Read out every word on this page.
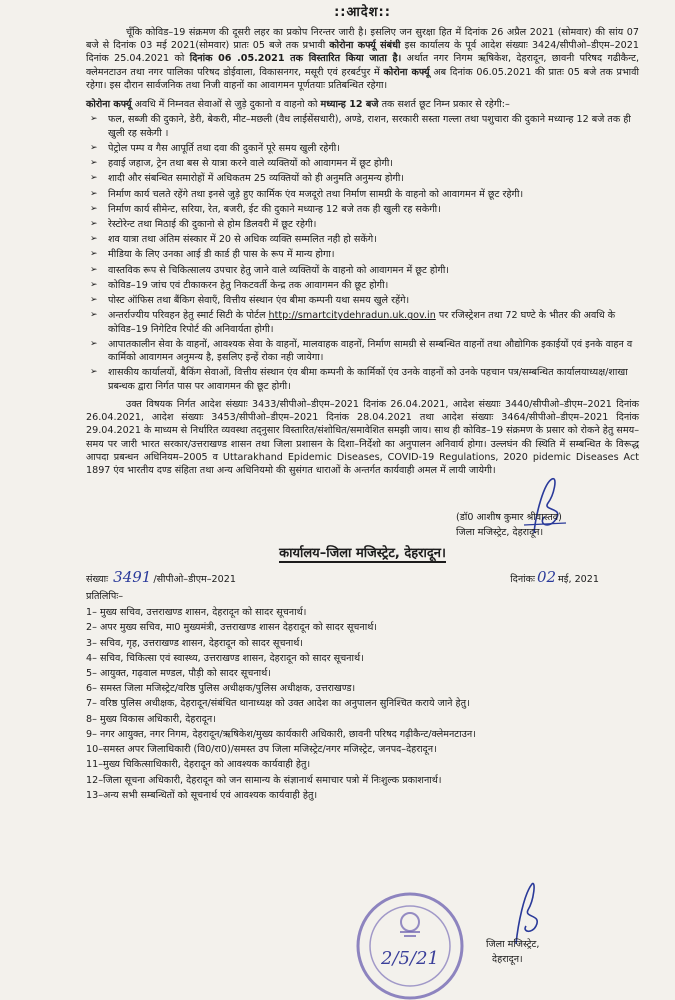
::आदेश::

चूँकि कोविड–19 संक्रमण की दूसरी लहर का प्रकोप निरन्तर जारी है। इसलिए जन सुरक्षा हित में दिनांक 26 अप्रैल 2021 (सोमवार) की सांय 07 बजे से दिनांक 03 मई 2021(सोमवार) प्रातः 05 बजे तक प्रभावी कोरोना कर्फ्यू संबंधी इस कार्यालय के पूर्व आदेश संख्याः 3424/सीपीओ–डीएम–2021 दिनांक 25.04.2021 को दिनांक 06 .05.2021 तक विस्तारित किया जाता है। अर्थात नगर निगम ऋषिकेश, देहरादून, छावनी परिषद गढीकैन्ट, क्लेमनटाउन तथा नगर पालिका परिषद डोईवाला, विकासनगर, मसूरी एवं हरबर्टपुर में कोरोना कर्फ्यू अब दिनांक 06.05.2021 की प्रातः 05 बजे तक प्रभावी रहेगा। इस दौरान सार्वजनिक तथा निजी वाहनों का आवागमन पूर्णतयाः प्रतिबन्धित रहेगा।

कोरोना कर्फ्यू अवधि में निम्नवत सेवाओं से जुड़े दुकानो व वाहनो को मध्यान्ह 12 बजे तक सशर्त छूट निम्न प्रकार से रहेगी:–

➢ फल, सब्जी की दुकाने, डेरी, बेकरी, मीट–मछली (वैध लाईसेंसधारी), अण्डे, राशन, सरकारी सस्ता गल्ला तथा पशुचारा की दुकाने मध्यान्ह 12 बजे तक ही खुली रह सकेगी ।
➢ पेट्रोल पम्प व गैस आपूर्ति तथा दवा की दुकानें पूरे समय खुली रहेगी।
➢ हवाई जहाज, ट्रेन तथा बस से यात्रा करने वाले व्यक्तियों को आवागमन में छूट होगी।
➢ शादी और संबन्धित समारोहों में अधिकतम 25 व्यक्तियों को ही अनुमति अनुमन्य होगी।
➢ निर्माण कार्य चलते रहेंगे तथा इनसे जुड़े हुए कार्मिक एंव मजदूरो तथा निर्माण सामग्री के वाहनो को आवागमन में छूट रहेगी।
➢ निर्माण कार्य सीमेन्ट, सरिया, रेत, बजरी, ईट की दुकाने मध्यान्ह 12 बजे तक ही खुली रह सकेगी।
➢ रेस्टोरेन्ट तथा मिठाई की दुकानो से होम डिलवरी में छूट रहेगी।
➢ शव यात्रा तथा अंतिम संस्कार में 20 से अधिक व्यक्ति सम्मलित नही हो सकेंगे।
➢ मीडिया के लिए उनका आई डी कार्ड ही पास के रूप में मान्य होगा।
➢ वास्तविक रूप से चिकित्सालय उपचार हेतु जाने वाले व्यक्तियों के वाहनो को आवागमन में छूट होगी।
➢ कोविड–19 जांच एवं टीकाकरन हेतु निकटवर्ती केन्द्र तक आवागमन की छूट होगी।
➢ पोस्ट ऑफिस तथा बैंकिग सेवाएँ, वित्तीय संस्थान एंव बीमा कम्पनी यथा समय खुले रहेंगे।
➢ अन्तर्राज्यीय परिवहन हेतु स्मार्ट सिटी के पोर्टल http://smartcitydehradun.uk.gov.in पर रजिस्ट्रेशन तथा 72 घण्टे के भीतर की अवधि के कोविड–19 निगेटिव रिपोर्ट की अनिवार्यता होगी।
➢ आपातकालीन सेवा के वाहनों, आवश्यक सेवा के वाहनों, मालवाहक वाहनों, निर्माण सामग्री से सम्बन्धित वाहनों तथा औद्योगिक इकाईयों एवं इनके वाहन व कार्मिको आवागमन अनुमन्य है, इसलिए इन्हें रोका नही जायेगा।
➢ शासकीय कार्यालयों, बैकिंग सेवाओं, वित्तीय संस्थान एंव बीमा कम्पनी के कार्मिकों एंव उनके वाहनों को उनके पहचान पत्र/सम्बन्धित कार्यालयाध्यक्ष/शाखा प्रबन्धक द्वारा निर्गत पास पर आवागमन की छूट होगी।

उक्त विषयक निर्गत आदेश संख्याः 3433/सीपीओ–डीएम–2021 दिनांक 26.04.2021, आदेश संख्याः 3440/सीपीओ–डीएम–2021 दिनांक 26.04.2021, आदेश संख्याः 3453/सीपीओ–डीएम–2021 दिनांक 28.04.2021 तथा आदेश संख्याः 3464/सीपीओ–डीएम–2021 दिनांक 29.04.2021 के माध्यम से निर्धारित व्यवस्था तद्नुसार विस्तारित/संशोधित/समावेशित समझी जाय। साथ ही कोविड–19 संक्रमण के प्रसार को रोकने हेतु समय–समय पर जारी भारत सरकार/उत्तराखण्ड शासन तथा जिला प्रशासन के दिशा–निर्देशो का अनुपालन अनिवार्य होगा। उल्लघंन की स्थिति में सम्बन्धित के विरूद्ध आपदा प्रबन्धन अधिनियम–2005 व Uttarakhand Epidemic Diseases, COVID-19 Regulations, 2020 pidemic Diseases Act 1897 एंव भारतीय दण्ड संहिता तथा अन्य अधिनियमो की सुसंगत धाराओं के अन्तर्गत कार्यवाही अमल में लायी जायेगी।

(डॉ0 आशीष कुमार श्रीवास्तव)
जिला मजिस्ट्रेट, देहरादून।
कार्यालय–जिला मजिस्ट्रेट, देहरादून।
संख्याः 3491 /सीपीओ–डीएम–2021	दिनांकः 02 मई, 2021
प्रतिलिपिः–
1– मुख्य सचिव, उत्तराखण्ड शासन, देहरादून को सादर सूचनार्थ।
2– अपर मुख्य सचिव, मा0 मुख्यमंत्री, उत्तराखण्ड शासन देहरादून को सादर सूचनार्थ।
3– सचिव, गृह, उत्तराखण्ड शासन, देहरादून को सादर सूचनार्थ।
4– सचिव, चिकित्सा एवं स्वास्थ्य, उत्तराखण्ड शासन, देहरादून को सादर सूचनार्थ।
5– आयुक्त, गढ़वाल मण्डल, पौड़ी को सादर सूचनार्थ।
6– समस्त जिला मजिस्ट्रेट/वरिष्ठ पुलिस अधीक्षक/पुलिस अधीक्षक, उत्तराखण्ड।
7– वरिष्ठ पुलिस अधीक्षक, देहरादून/संबंधित थानाध्यक्ष को उक्त आदेश का अनुपालन सुनिश्चित कराये जाने हेतु।
8– मुख्य विकास अधिकारी, देहरादून।
9– नगर आयुक्त, नगर निगम, देहरादून/ऋषिकेश/मुख्य कार्यकारी अधिकारी, छावनी परिषद गढ़ीकैन्ट/क्लेमनटाउन।
10–समस्त अपर जिलाधिकारी (वि0/रा0)/समस्त उप जिला मजिस्ट्रेट/नगर मजिस्ट्रेट, जनपद–देहरादून।
11–मुख्य चिकित्साधिकारी, देहरादून को आवश्यक कार्यवाही हेतु।
12–जिला सूचना अधिकारी, देहरादून को जन सामान्य के संज्ञानार्थ समाचार पत्रो में निःशुल्क प्रकाशनार्थ।
13–अन्य सभी सम्बन्धितों को सूचनार्थ एवं आवश्यक कार्यवाही हेतु।
2/5/21
जिला मजिस्ट्रेट,
देहरादून।
